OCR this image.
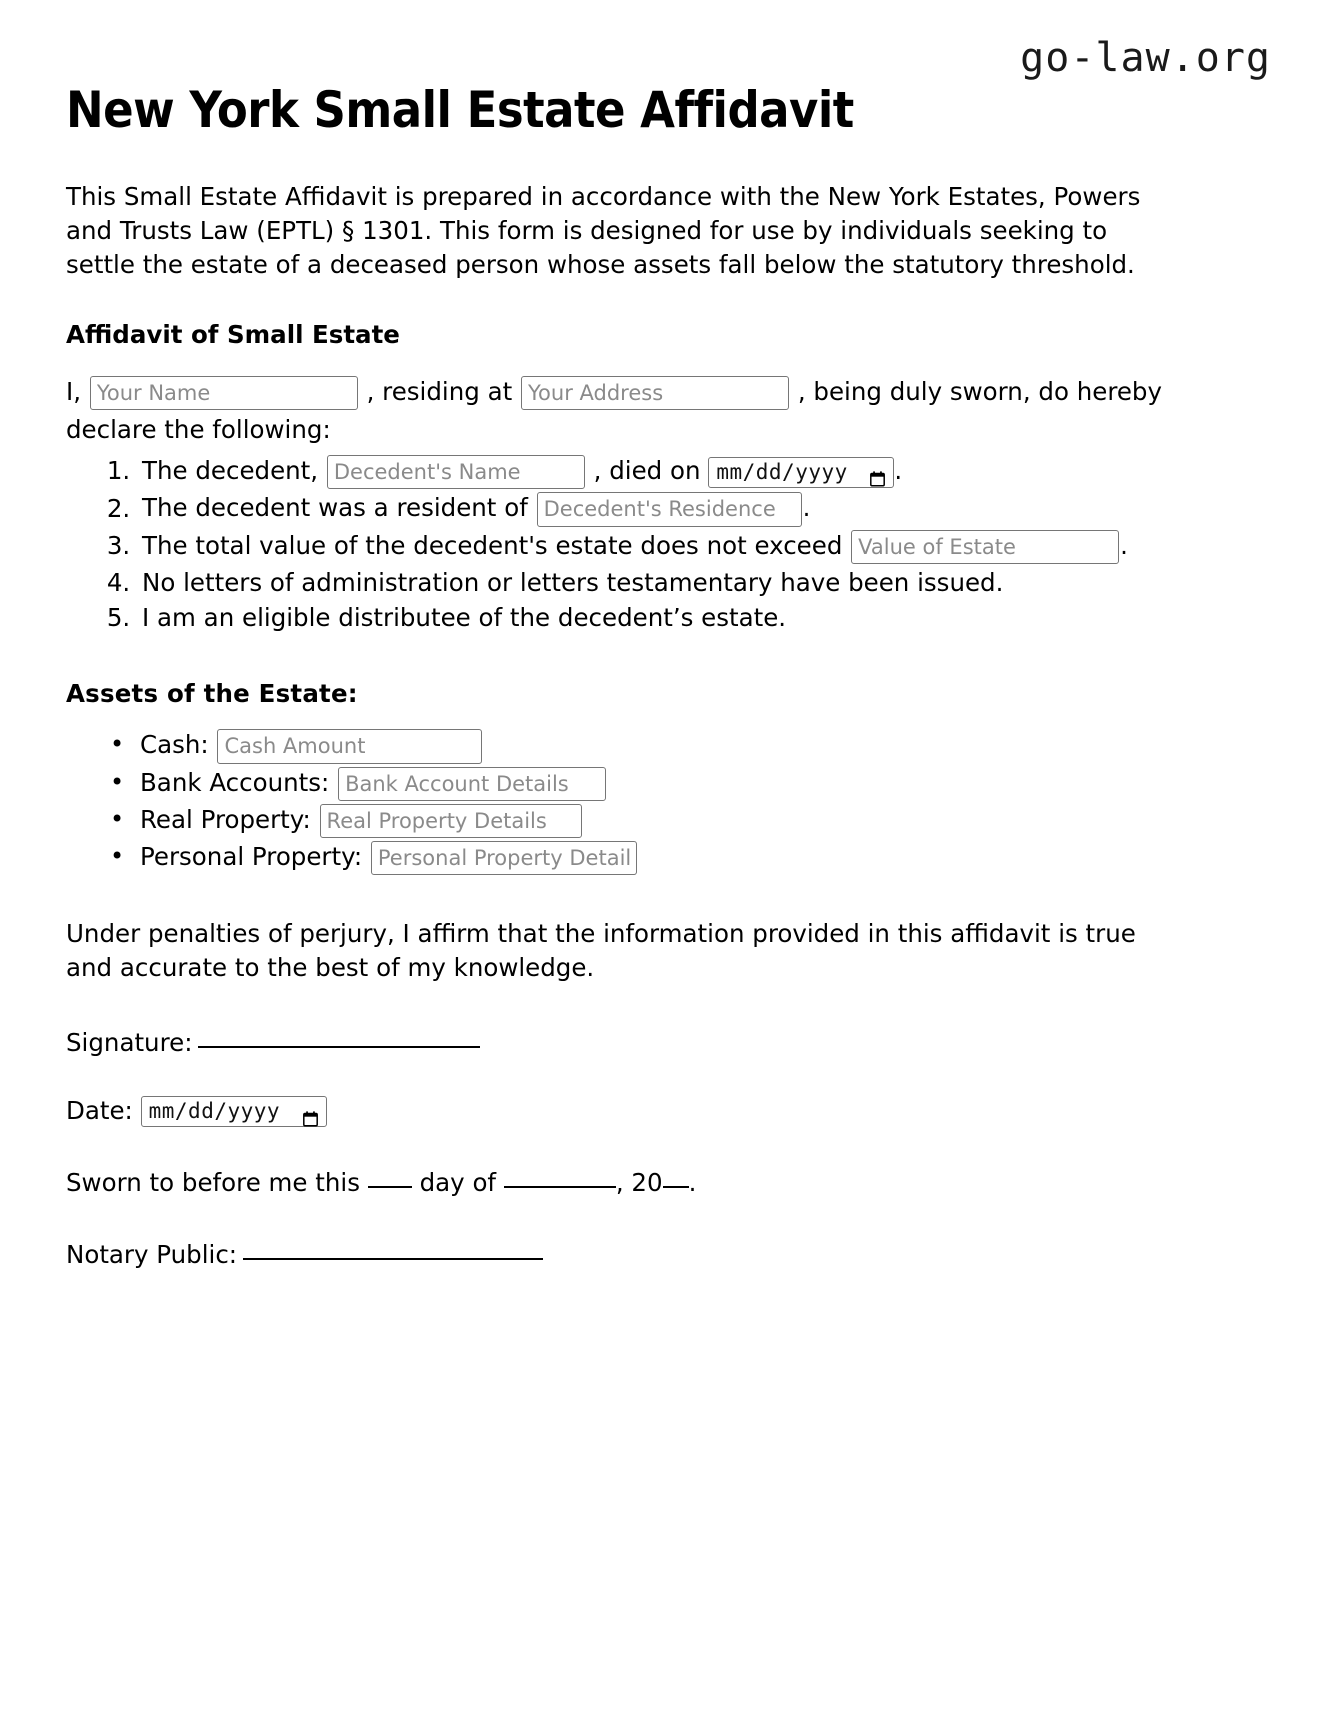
go-law.org
New York Small Estate Affidavit

This Small Estate Affidavit is prepared in accordance with the New York Estates, Powers and Trusts Law (EPTL) § 1301. This form is designed for use by individuals seeking to settle the estate of a deceased person whose assets fall below the statutory threshold.

Affidavit of Small Estate
I, Your Name	, residing at Your Address	, being duly sworn, do hereby declare the following:
1. The decedent, Decedent's Name	, died on mm/dd/yyyy .
2. The decedent was a resident of Decedent's Residence	.
3. The total value of the decedent's estate does not exceed Value of Estate	.
4. No letters of administration or letters testamentary have been issued.
5. I am an eligible distributee of the decedent’s estate.
Assets of the Estate:
• Cash: Cash Amount
• Bank Accounts: Bank Account Details
• Real Property: Real Property Details
• Personal Property: Personal Property Details

Under penalties of perjury, I affirm that the information provided in this affidavit is true and accurate to the best of my knowledge.

Signature:
Date: mm/dd/yyyy
Sworn to before me this day of	, 20 .
Notary Public:
